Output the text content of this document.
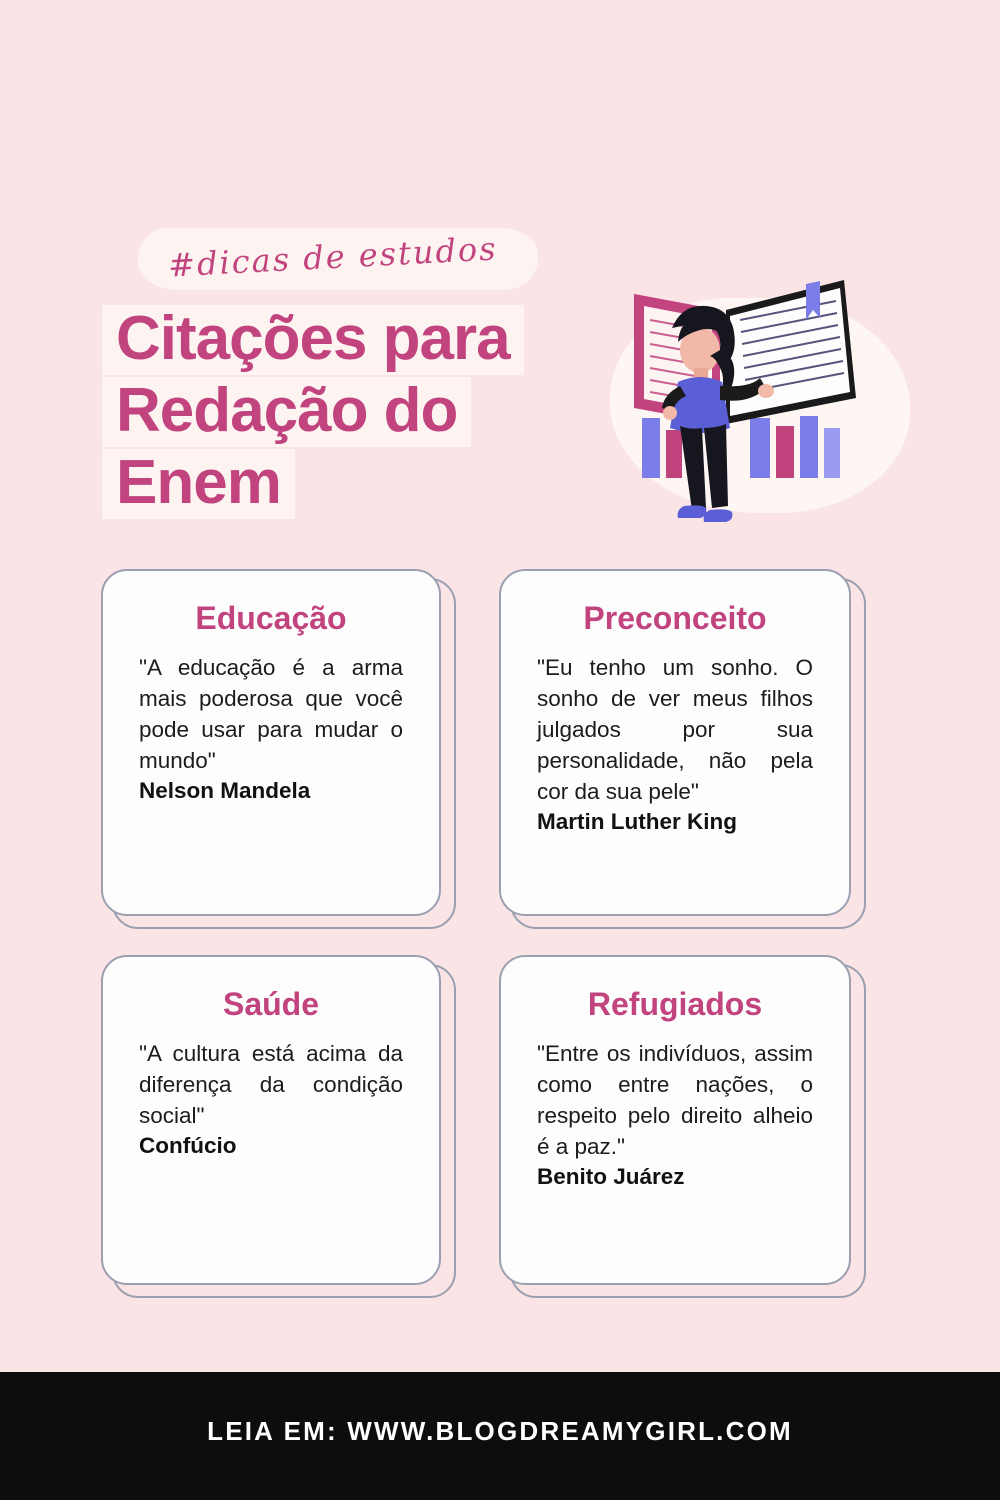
#dicas de estudos
Citações para
Redação do
Enem
Educação

"A educação é a arma mais poderosa que você pode usar para mudar o mundo"

Nelson Mandela

Preconceito

"Eu tenho um sonho. O sonho de ver meus filhos julgados por sua personalidade, não pela cor da sua pele"

Martin Luther King

Saúde

"A cultura está acima da diferença da condição social"

Confúcio

Refugiados

"Entre os indivíduos, assim como entre nações, o respeito pelo direito alheio é a paz."

Benito Juárez

LEIA EM: WWW.BLOGDREAMYGIRL.COM
